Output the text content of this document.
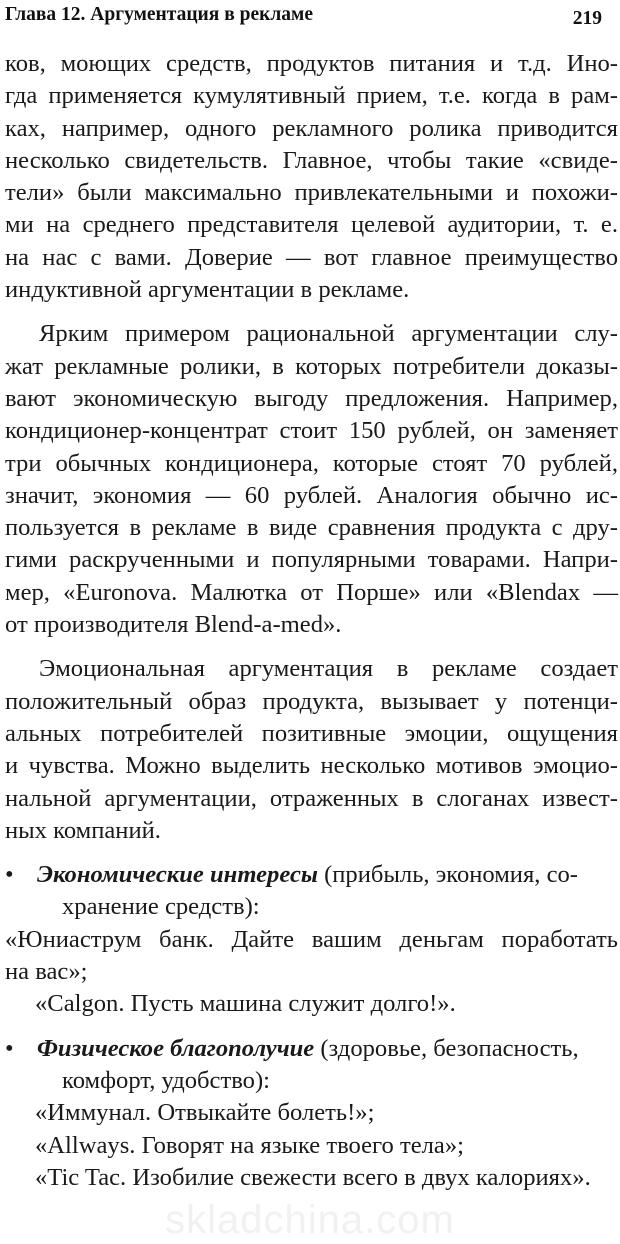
Глава 12. Аргументация в рекламе	219
ков, моющих средств, продуктов питания и т.д. Ино-
гда применяется кумулятивный прием, т.е. когда в рам-
ках, например, одного рекламного ролика приводится
несколько свидетельств. Главное, чтобы такие «свиде-
тели» были максимально привлекательными и похожи-
ми на среднего представителя целевой аудитории, т. е.
на нас с вами. Доверие — вот главное преимущество
индуктивной аргументации в рекламе.
Ярким примером рациональной аргументации слу-
жат рекламные ролики, в которых потребители доказы-
вают экономическую выгоду предложения. Например,
кондиционер-концентрат стоит 150 рублей, он заменяет
три обычных кондиционера, которые стоят 70 рублей,
значит, экономия — 60 рублей. Аналогия обычно ис-
пользуется в рекламе в виде сравнения продукта с дру-
гими раскрученными и популярными товарами. Напри-
мер, «Euronova. Малютка от Порше» или «Blendax —
от производителя Blend-a-med».
Эмоциональная аргументация в рекламе создает
положительный образ продукта, вызывает у потенци-
альных потребителей позитивные эмоции, ощущения
и чувства. Можно выделить несколько мотивов эмоцио-
нальной аргументации, отраженных в слоганах извест-
ных компаний.
• Экономические интересы (прибыль, экономия, со-
хранение средств):
«Юниаструм банк. Дайте вашим деньгам поработать
на вас»;
«Calgon. Пусть машина служит долго!».
• Физическое благополучие (здоровье, безопасность,
комфорт, удобство):
«Иммунал. Отвыкайте болеть!»;
«Allways. Говорят на языке твоего тела»;
«Tic Tac. Изобилие свежести всего в двух калориях».
skladchina.com
